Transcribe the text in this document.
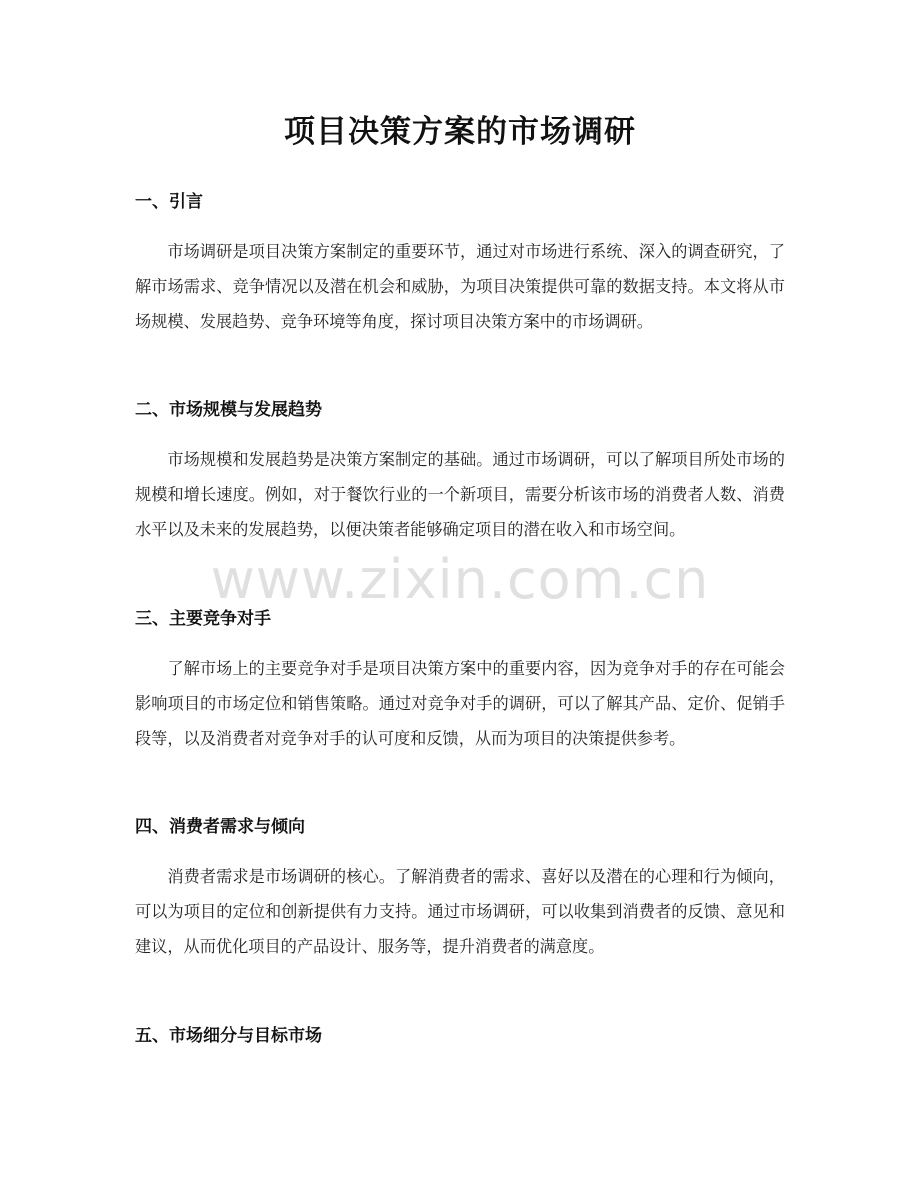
项目决策方案的市场调研
一、引言
市场调研是项目决策方案制定的重要环节，通过对市场进行系统、深入的调查研究，了解市场需求、竞争情况以及潜在机会和威胁，为项目决策提供可靠的数据支持。本文将从市场规模、发展趋势、竞争环境等角度，探讨项目决策方案中的市场调研。
二、市场规模与发展趋势
市场规模和发展趋势是决策方案制定的基础。通过市场调研，可以了解项目所处市场的规模和增长速度。例如，对于餐饮行业的一个新项目，需要分析该市场的消费者人数、消费水平以及未来的发展趋势，以便决策者能够确定项目的潜在收入和市场空间。
三、主要竞争对手
了解市场上的主要竞争对手是项目决策方案中的重要内容，因为竞争对手的存在可能会影响项目的市场定位和销售策略。通过对竞争对手的调研，可以了解其产品、定价、促销手段等，以及消费者对竞争对手的认可度和反馈，从而为项目的决策提供参考。
四、消费者需求与倾向
消费者需求是市场调研的核心。了解消费者的需求、喜好以及潜在的心理和行为倾向，可以为项目的定位和创新提供有力支持。通过市场调研，可以收集到消费者的反馈、意见和建议，从而优化项目的产品设计、服务等，提升消费者的满意度。
五、市场细分与目标市场
www.zixin.com.cn
